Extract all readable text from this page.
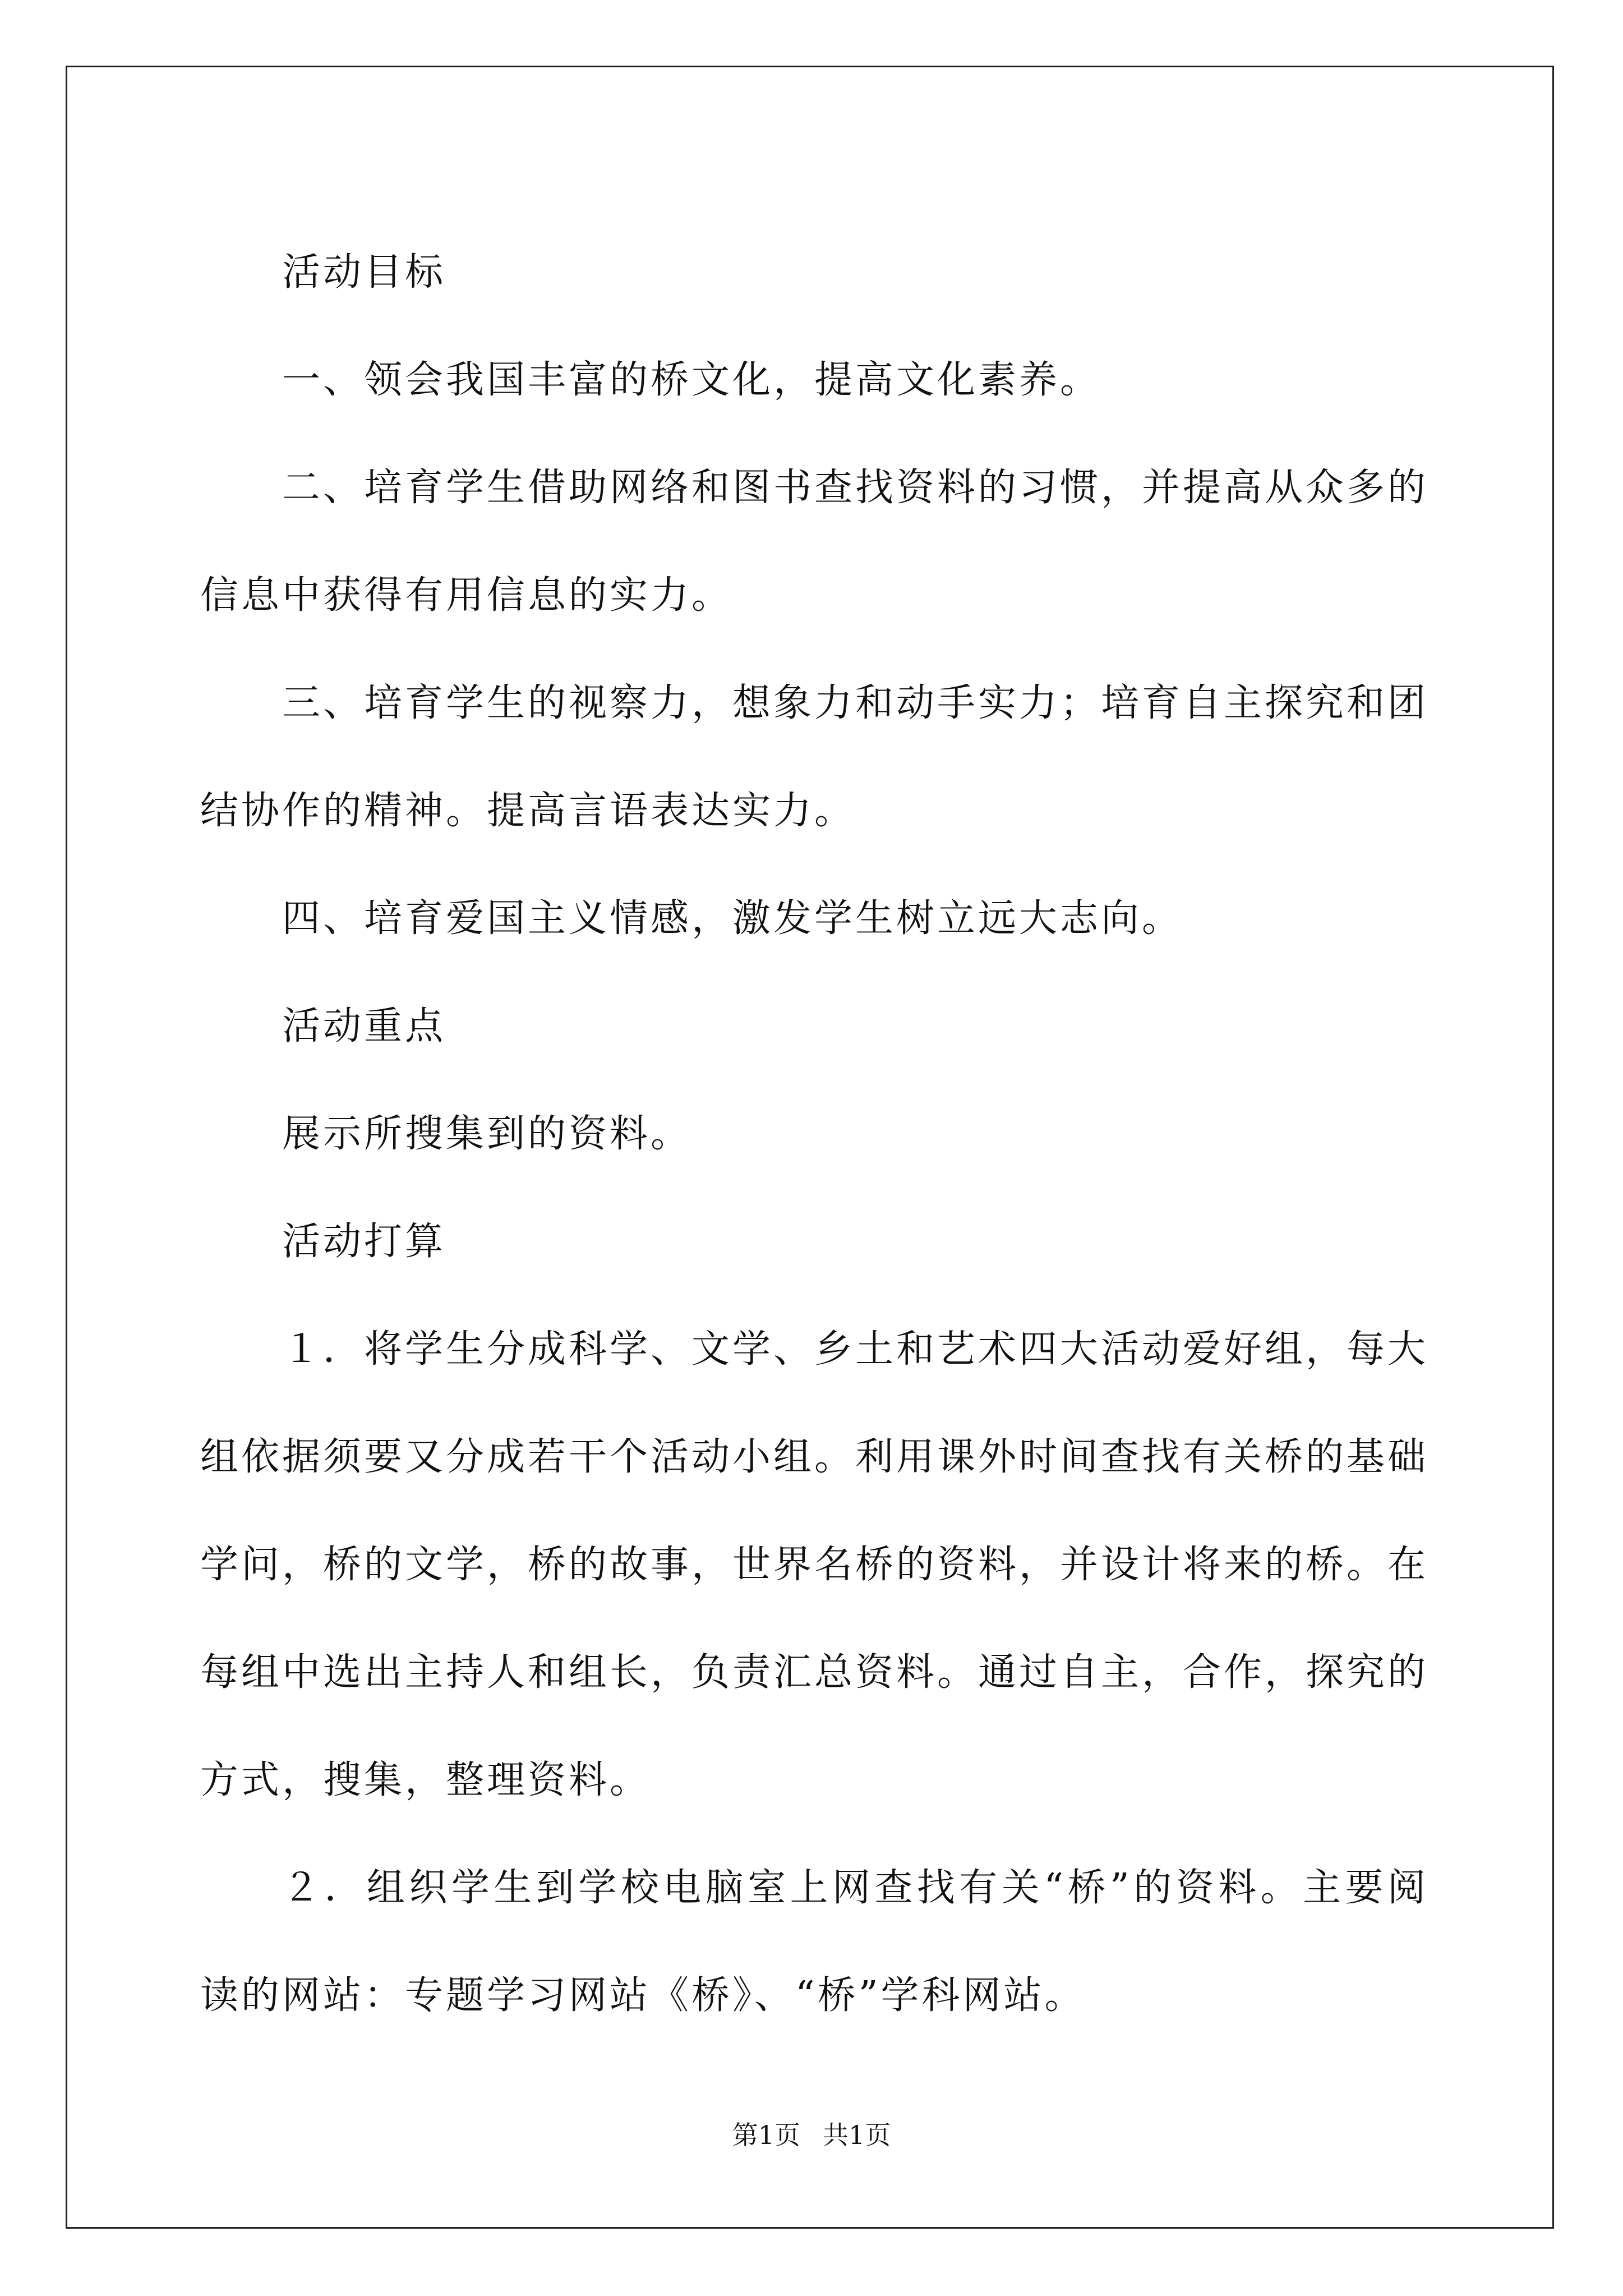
活动目标

一、领会我国丰富的桥文化，提高文化素养。

二、培育学生借助网络和图书查找资料的习惯，并提高从众多的信息中获得有用信息的实力。

三、培育学生的视察力，想象力和动手实力；培育自主探究和团结协作的精神。提高言语表达实力。

四、培育爱国主义情感，激发学生树立远大志向。

活动重点

展示所搜集到的资料。

活动打算

１．将学生分成科学、文学、乡土和艺术四大活动爱好组，每大组依据须要又分成若干个活动小组。利用课外时间查找有关桥的基础学问，桥的文学，桥的故事，世界名桥的资料，并设计将来的桥。在每组中选出主持人和组长，负责汇总资料。通过自主，合作，探究的方式，搜集，整理资料。

２．组织学生到学校电脑室上网查找有关“桥”的资料。主要阅读的网站：专题学习网站《桥》、“桥”学科网站。

第1页 共1页
